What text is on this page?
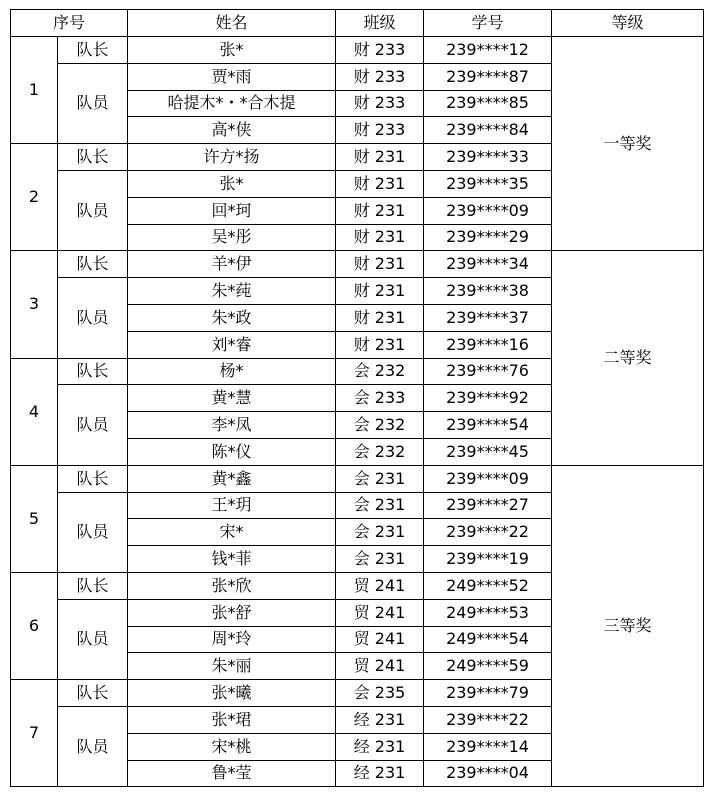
序号		姓名	班级	学号	等级
1	队长	张*	财 233	239****12	一等奖
	队员	贾*雨	财 233	239****87	
		哈提木*・*合木提	财 233	239****85	
		高*侠	财 233	239****84	
2	队长	许方*扬	财 231	239****33	
	队员	张*	财 231	239****35	
		回*珂	财 231	239****09	
		吴*彤	财 231	239****29	
3	队长	羊*伊	财 231	239****34	二等奖
	队员	朱*莼	财 231	239****38	
		朱*政	财 231	239****37	
		刘*睿	财 231	239****16	
4	队长	杨*	会 232	239****76	
	队员	黄*慧	会 233	239****92	
		李*凤	会 232	239****54	
		陈*仪	会 232	239****45	
5	队长	黄*鑫	会 231	239****09	三等奖
	队员	王*玥	会 231	239****27	
		宋*	会 231	239****22	
		钱*菲	会 231	239****19	
6	队长	张*欣	贸 241	249****52	
	队员	张*舒	贸 241	249****53	
		周*玲	贸 241	249****54	
		朱*丽	贸 241	249****59	
7	队长	张*曦	会 235	239****79	
	队员	张*珺	经 231	239****22	
		宋*桃	经 231	239****14	
		鲁*莹	经 231	239****04	
